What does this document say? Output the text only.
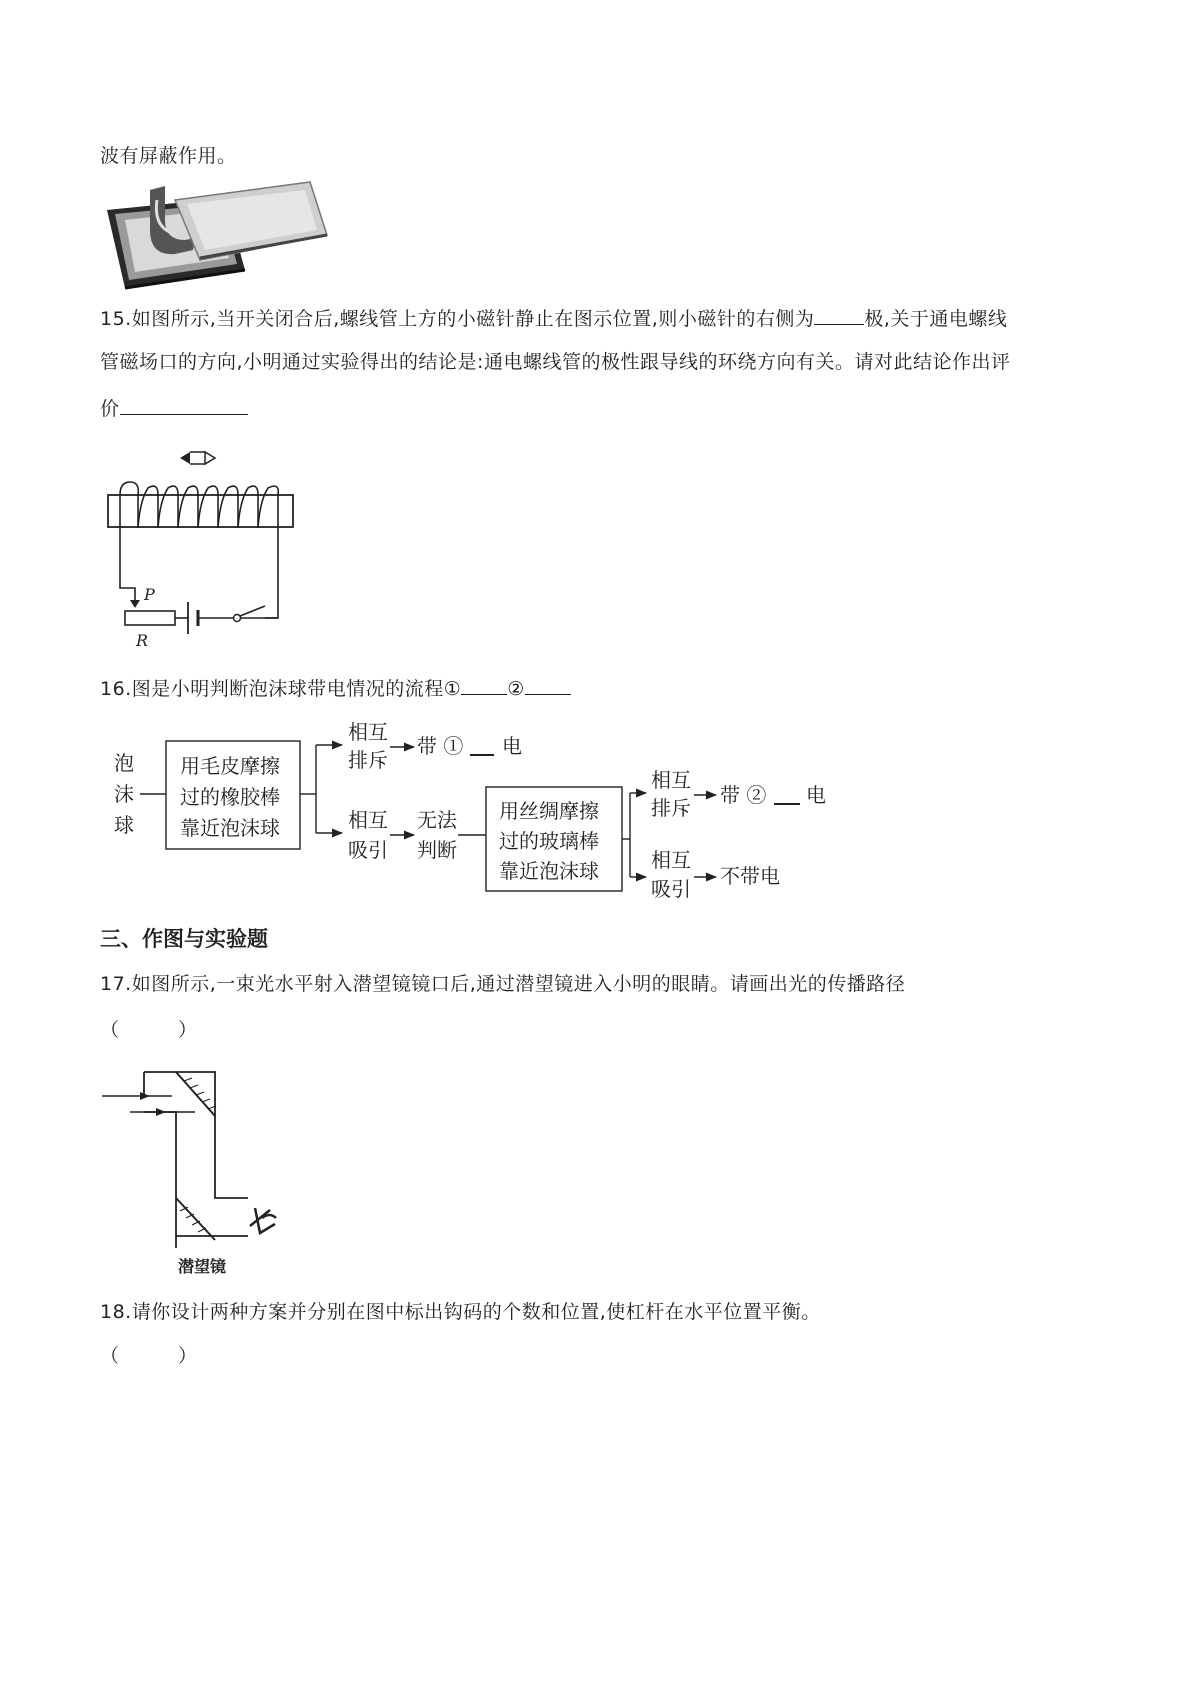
波有屏蔽作用。
15.如图所示,当开关闭合后,螺线管上方的小磁针静止在图示位置,则小磁针的右侧为	极,关于通电螺线
管磁场口的方向,小明通过实验得出的结论是:通电螺线管的极性跟导线的环绕方向有关。请对此结论作出评
价
P
R
16.图是小明判断泡沫球带电情况的流程① ②
泡
沫
球
用毛皮摩擦
过的橡胶棒
靠近泡沫球
相互
排斥
带 ① 电
相互
吸引
无法
判断
用丝绸摩擦
过的玻璃棒
靠近泡沫球
相互
排斥
带 ② 电
相互
吸引
不带电
三、作图与实验题
17.如图所示,一束光水平射入潜望镜镜口后,通过潜望镜进入小明的眼睛。请画出光的传播路径
（　　　）
潜望镜
18.请你设计两种方案并分别在图中标出钩码的个数和位置,使杠杆在水平位置平衡。
（　　　）
